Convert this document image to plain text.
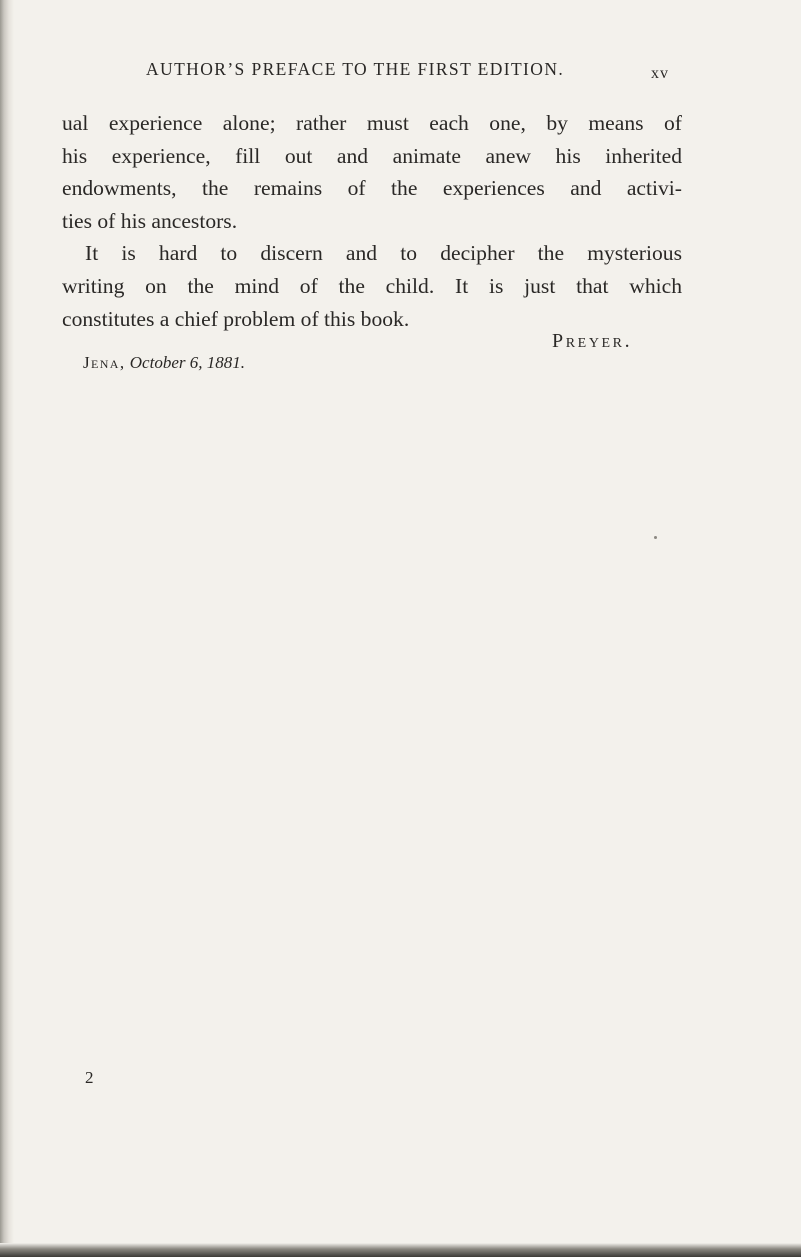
AUTHOR’S PREFACE TO THE FIRST EDITION.	xv
ual experience alone; rather must each one, by means of
his experience, fill out and animate anew his inherited
endowments, the remains of the experiences and activi-
ties of his ancestors.
It is hard to discern and to decipher the mysterious
writing on the mind of the child. It is just that which
constitutes a chief problem of this book.
Preyer.
Jena, October 6, 1881.
2
